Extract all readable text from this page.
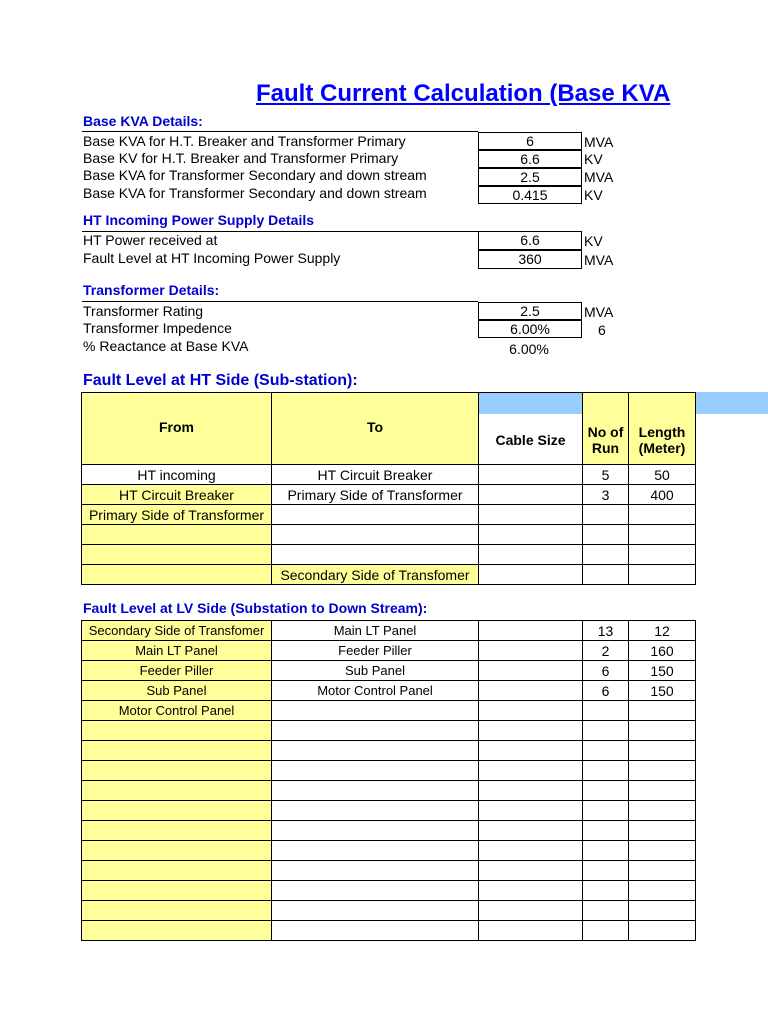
Fault Current Calculation (Base KVA
Base KVA Details:
Base KVA for H.T. Breaker and Transformer Primary	6	MVA
Base KV for H.T. Breaker and Transformer Primary	6.6	KV
Base KVA for Transformer Secondary and down stream	2.5	MVA
Base KVA for Transformer Secondary and down stream	0.415	KV
HT Incoming Power Supply Details
HT Power received at	6.6	KV
Fault Level at HT Incoming Power Supply	360	MVA
Transformer Details:
Transformer Rating	2.5	MVA
Transformer Impedence	6.00%	6
% Reactance at Base KVA	6.00%
Fault Level at HT Side (Sub-station):
From	To	Cable Size	No of Run	Length (Meter)
HT incoming	HT Circuit Breaker		5	50
HT Circuit Breaker	Primary Side of Transformer		3	400
Primary Side of Transformer				

	Secondary Side of Transfomer			
Fault Level at LV Side (Substation to Down Stream):
Secondary Side of Transfomer	Main LT Panel		13	12
Main LT Panel	Feeder Piller		2	160
Feeder Piller	Sub Panel		6	150
Sub Panel	Motor Control Panel		6	150
Motor Control Panel				
